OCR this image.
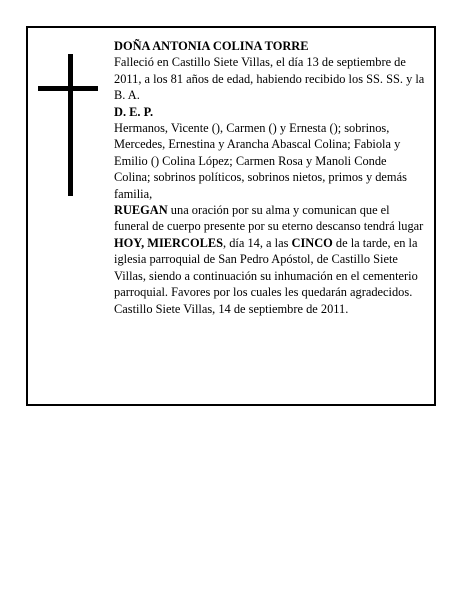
DOÑA ANTONIA COLINA TORRE

Falleció en Castillo Siete Villas, el día 13 de septiembre de 2011, a los 81 años de edad, habiendo recibido los SS. SS. y la B. A.

D. E. P.

Hermanos, Vicente (), Carmen () y Ernesta (); sobrinos, Mercedes, Ernestina y Arancha Abascal Colina; Fabiola y Emilio () Colina López; Carmen Rosa y Manoli Conde Colina; sobrinos políticos, sobrinos nietos, primos y demás familia,

RUEGAN una oración por su alma y comunican que el funeral de cuerpo presente por su eterno descanso tendrá lugar HOY, MIERCOLES, día 14, a las CINCO de la tarde, en la iglesia parroquial de San Pedro Apóstol, de Castillo Siete Villas, siendo a continuación su inhumación en el cementerio parroquial. Favores por los cuales les quedarán agradecidos.

Castillo Siete Villas, 14 de septiembre de 2011.
